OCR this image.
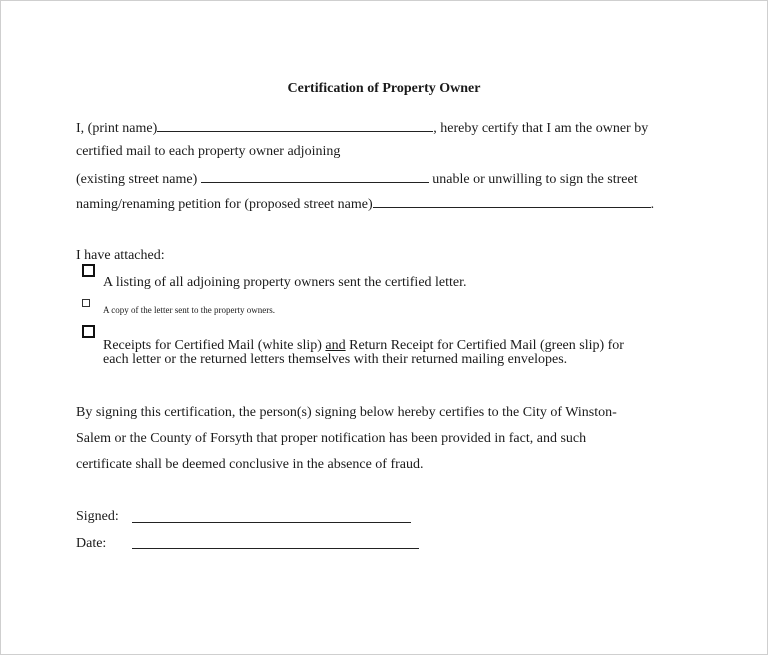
Certification of Property Owner
I, (print name)	, hereby certify that I am the owner by
certified mail to each property owner adjoining
(existing street name)	unable or unwilling to sign the street
naming/renaming petition for (proposed street name)	.
I have attached:
A listing of all adjoining property owners sent the certified letter.
A copy of the letter sent to the property owners.
Receipts for Certified Mail (white slip) and Return Receipt for Certified Mail (green slip) for
each letter or the returned letters themselves with their returned mailing envelopes.
By signing this certification, the person(s) signing below hereby certifies to the City of Winston-
Salem or the County of Forsyth that proper notification has been provided in fact, and such
certificate shall be deemed conclusive in the absence of fraud.
Signed:
Date:
